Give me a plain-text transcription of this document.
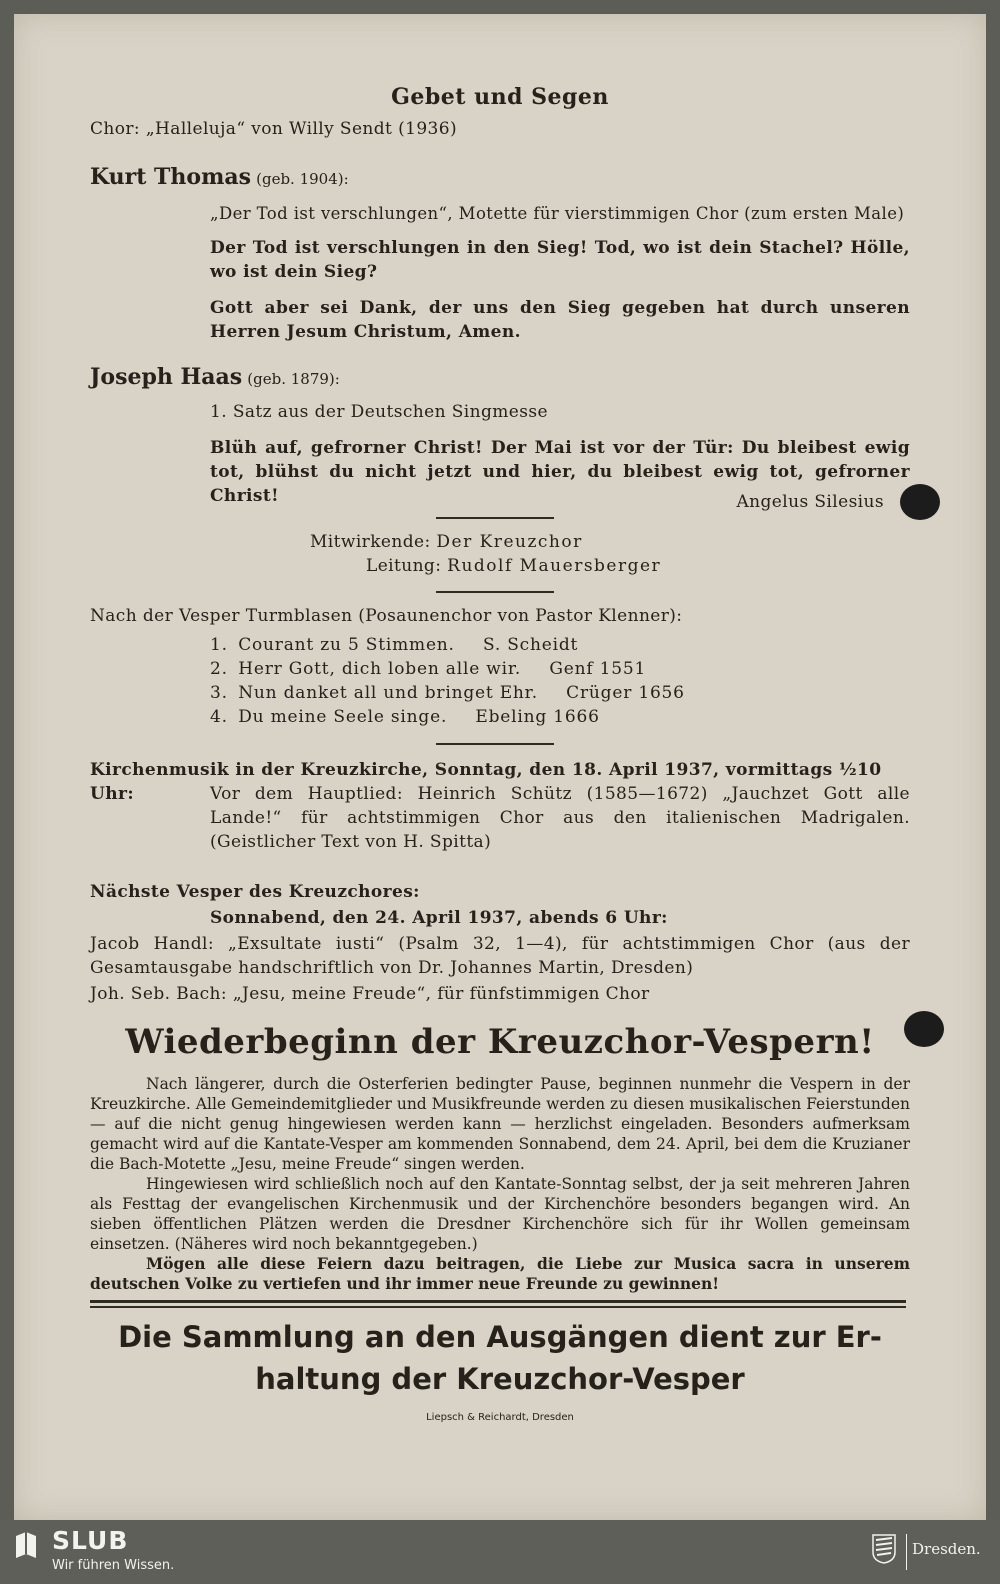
Gebet und Segen
Chor: „Halleluja“ von Willy Sendt (1936)
Kurt Thomas (geb. 1904):
„Der Tod ist verschlungen“, Motette für vierstimmigen Chor (zum ersten Male)
Der Tod ist verschlungen in den Sieg! Tod, wo ist dein Stachel? Hölle, wo ist dein Sieg?
Gott aber sei Dank, der uns den Sieg gegeben hat durch unseren Herren Jesum Christum, Amen.
Joseph Haas (geb. 1879):
1. Satz aus der Deutschen Singmesse
Blüh auf, gefrorner Christ! Der Mai ist vor der Tür: Du bleibest ewig tot, blühst du nicht jetzt und hier, du bleibest ewig tot, gefrorner Christ!	Angelus Silesius
Mitwirkende: Der Kreuzchor
Leitung: Rudolf Mauersberger
Nach der Vesper Turmblasen (Posaunenchor von Pastor Klenner):
1. Courant zu 5 Stimmen. S. Scheidt
2. Herr Gott, dich loben alle wir. Genf 1551
3. Nun danket all und bringet Ehr. Crüger 1656
4. Du meine Seele singe. Ebeling 1666
Kirchenmusik in der Kreuzkirche, Sonntag, den 18. April 1937, vormittags ½10 Uhr:	Vor dem Hauptlied: Heinrich Schütz (1585—1672) „Jauchzet Gott alle Lande!“ für achtstimmigen Chor aus den italienischen Madrigalen. (Geistlicher Text von H. Spitta)
Nächste Vesper des Kreuzchores:
Sonnabend, den 24. April 1937, abends 6 Uhr:
Jacob Handl: „Exsultate iusti“ (Psalm 32, 1—4), für achtstimmigen Chor (aus der Gesamtausgabe handschriftlich von Dr. Johannes Martin, Dresden)
Joh. Seb. Bach: „Jesu, meine Freude“, für fünfstimmigen Chor
Wiederbeginn der Kreuzchor-Vespern!
Nach längerer, durch die Osterferien bedingter Pause, beginnen nunmehr die Vespern in der Kreuzkirche. Alle Gemeindemitglieder und Musikfreunde werden zu diesen musikalischen Feierstunden — auf die nicht genug hingewiesen werden kann — herzlichst eingeladen. Besonders aufmerksam gemacht wird auf die Kantate-Vesper am kommenden Sonnabend, dem 24. April, bei dem die Kruzianer die Bach-Motette „Jesu, meine Freude“ singen werden.
Hingewiesen wird schließlich noch auf den Kantate-Sonntag selbst, der ja seit mehreren Jahren als Festtag der evangelischen Kirchenmusik und der Kirchenchöre besonders begangen wird. An sieben öffentlichen Plätzen werden die Dresdner Kirchenchöre sich für ihr Wollen gemeinsam einsetzen. (Näheres wird noch bekanntgegeben.)
Mögen alle diese Feiern dazu beitragen, die Liebe zur Musica sacra in unserem deutschen Volke zu vertiefen und ihr immer neue Freunde zu gewinnen!
Die Sammlung an den Ausgängen dient zur Er-
haltung der Kreuzchor-Vesper
Liepsch & Reichardt, Dresden
SLUB
Wir führen Wissen.
Dresden.
